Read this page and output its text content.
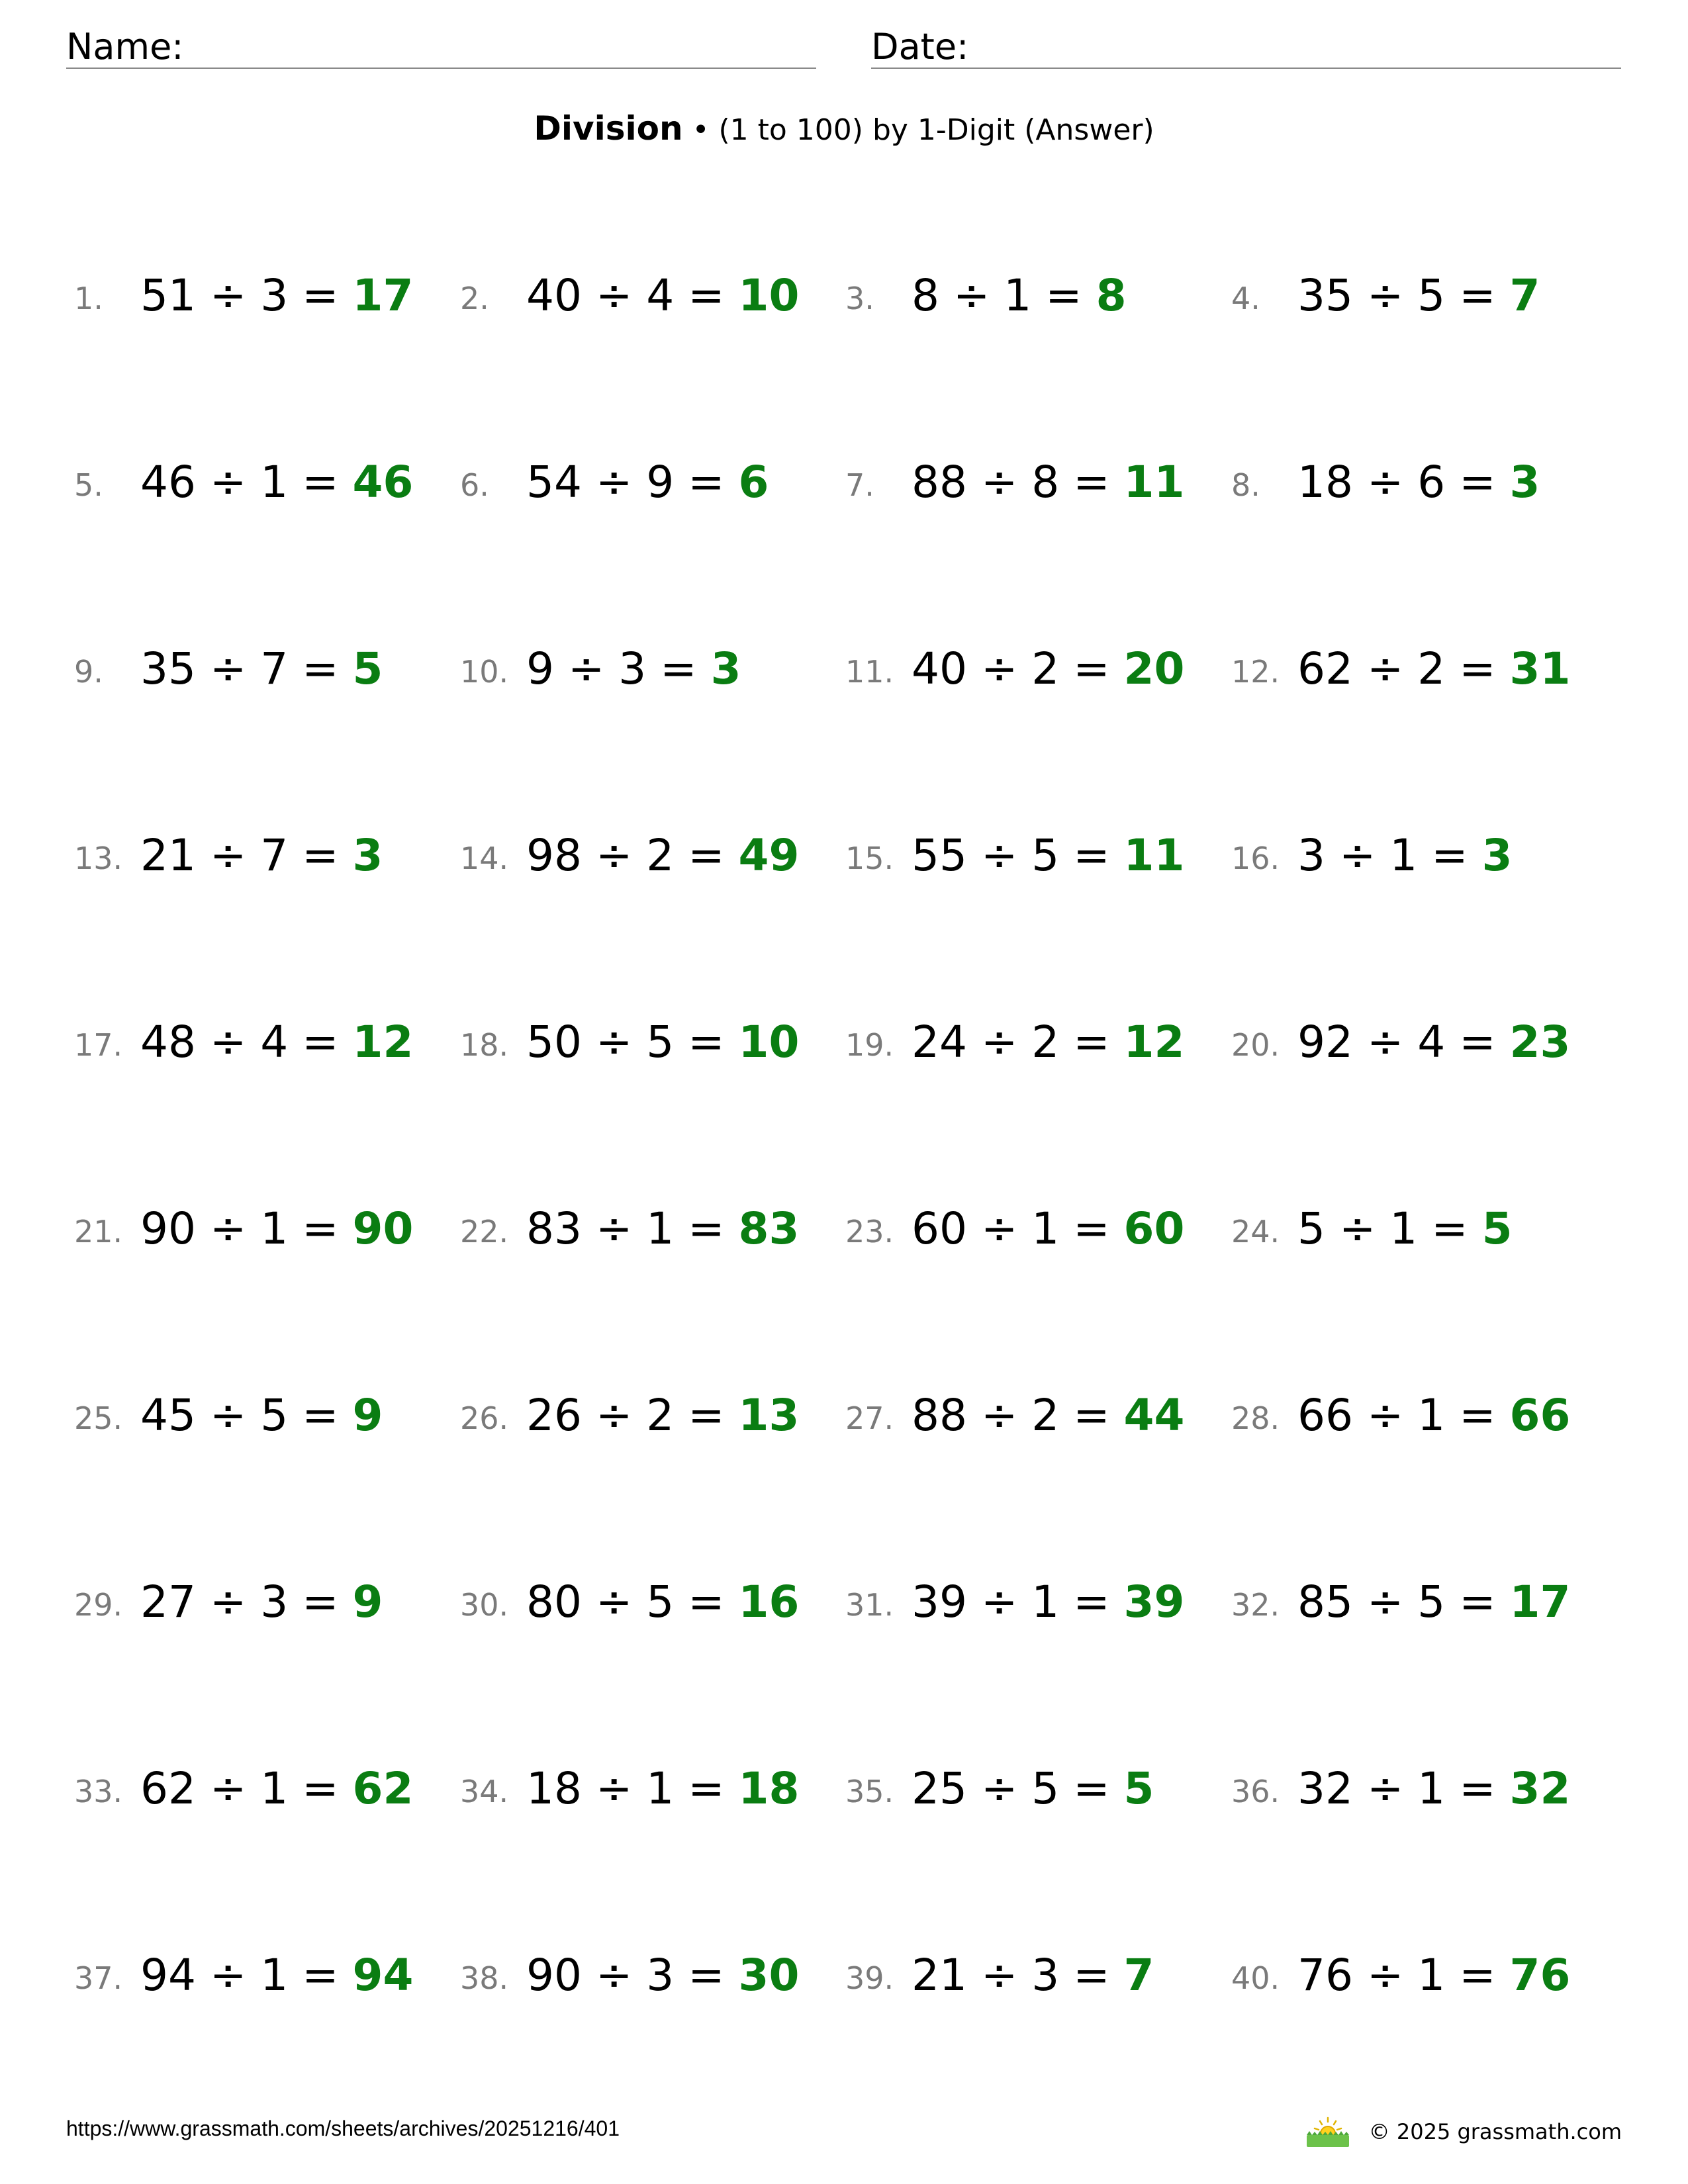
Name:	Date:
Division • (1 to 100) by 1-Digit (Answer)
1. 51 ÷ 3 = 17 2. 40 ÷ 4 = 10 3. 8 ÷ 1 = 8	4. 35 ÷ 5 = 7
5. 46 ÷ 1 = 46 6. 54 ÷ 9 = 6	7. 88 ÷ 8 = 11 8. 18 ÷ 6 = 3
9. 35 ÷ 7 = 5	10. 9 ÷ 3 = 3	11. 40 ÷ 2 = 20 12. 62 ÷ 2 = 31
13. 21 ÷ 7 = 3	14. 98 ÷ 2 = 49 15. 55 ÷ 5 = 11 16. 3 ÷ 1 = 3
17. 48 ÷ 4 = 12 18. 50 ÷ 5 = 10 19. 24 ÷ 2 = 12 20. 92 ÷ 4 = 23
21. 90 ÷ 1 = 90 22. 83 ÷ 1 = 83 23. 60 ÷ 1 = 60 24. 5 ÷ 1 = 5
25. 45 ÷ 5 = 9	26. 26 ÷ 2 = 13 27. 88 ÷ 2 = 44 28. 66 ÷ 1 = 66
29. 27 ÷ 3 = 9	30. 80 ÷ 5 = 16 31. 39 ÷ 1 = 39 32. 85 ÷ 5 = 17
33. 62 ÷ 1 = 62 34. 18 ÷ 1 = 18 35. 25 ÷ 5 = 5	36. 32 ÷ 1 = 32
37. 94 ÷ 1 = 94 38. 90 ÷ 3 = 30 39. 21 ÷ 3 = 7	40. 76 ÷ 1 = 76
https://www.grassmath.com/sheets/archives/20251216/401	© 2025 grassmath.com
